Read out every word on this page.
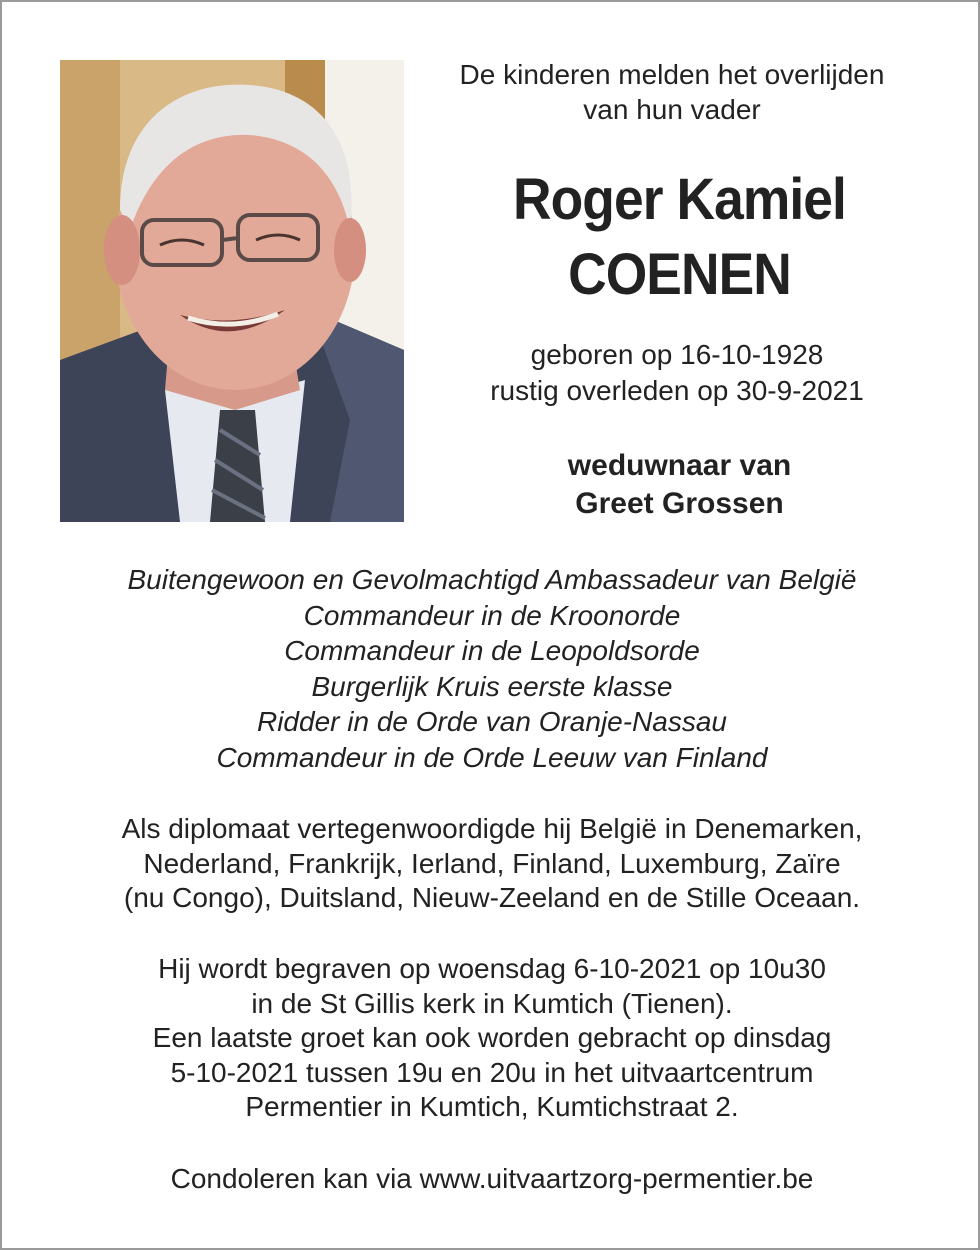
De kinderen melden het overlijden
van hun vader
Roger Kamiel
COENEN
geboren op 16-10-1928
rustig overleden op 30-9-2021
weduwnaar van
Greet Grossen
Buitengewoon en Gevolmachtigd Ambassadeur van België
Commandeur in de Kroonorde
Commandeur in de Leopoldsorde
Burgerlijk Kruis eerste klasse
Ridder in de Orde van Oranje-Nassau
Commandeur in de Orde Leeuw van Finland
Als diplomaat vertegenwoordigde hij België in Denemarken,
Nederland, Frankrijk, Ierland, Finland, Luxemburg, Zaïre
(nu Congo), Duitsland, Nieuw-Zeeland en de Stille Oceaan.
Hij wordt begraven op woensdag 6-10-2021 op 10u30
in de St Gillis kerk in Kumtich (Tienen).
Een laatste groet kan ook worden gebracht op dinsdag
5-10-2021 tussen 19u en 20u in het uitvaartcentrum
Permentier in Kumtich, Kumtichstraat 2.
Condoleren kan via www.uitvaartzorg-permentier.be
